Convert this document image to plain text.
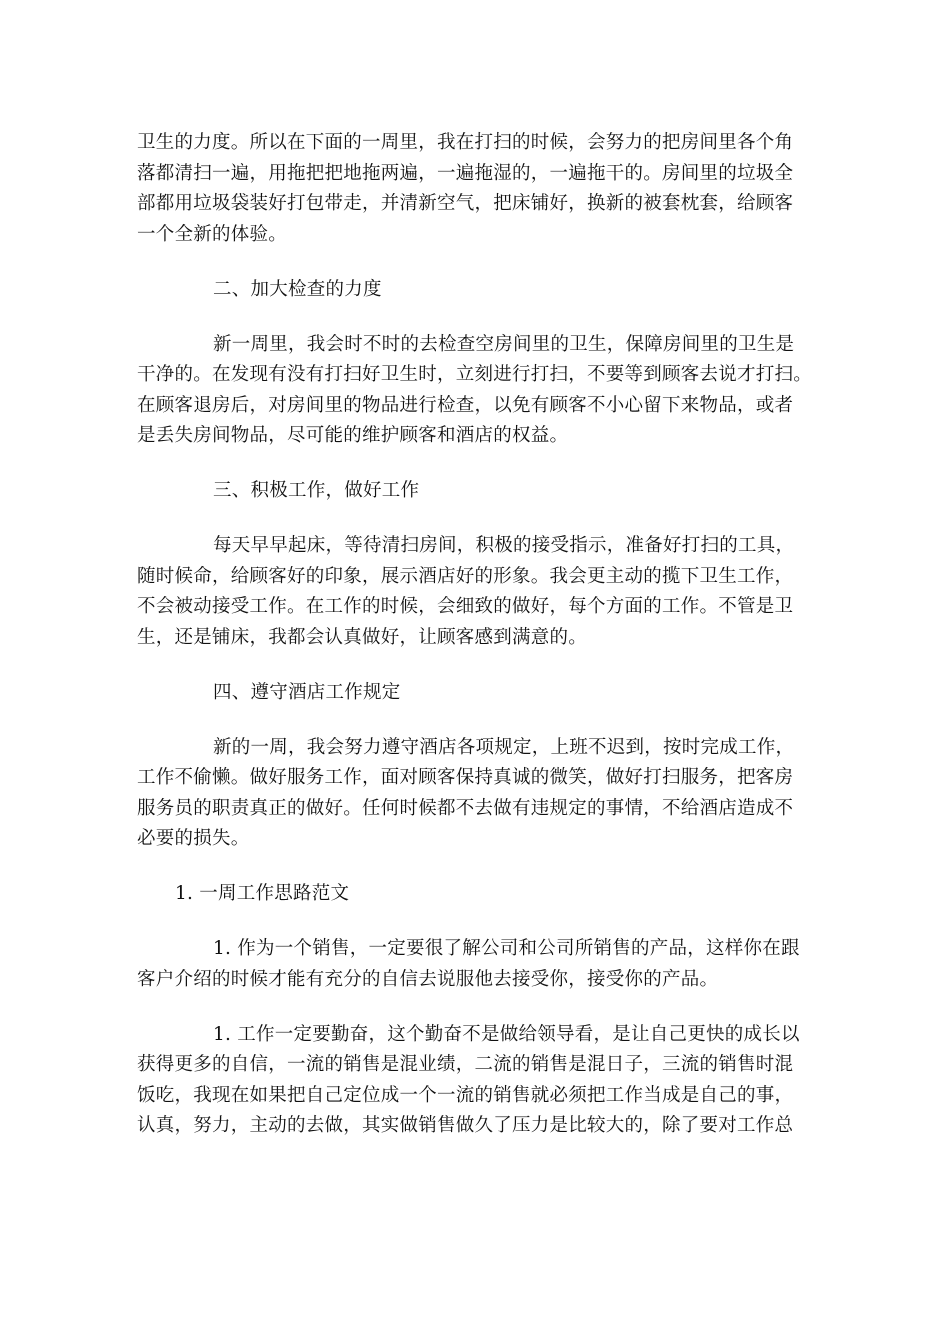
卫生的力度。所以在下面的一周里，我在打扫的时候，会努力的把房间里各个角
落都清扫一遍，用拖把把地拖两遍，一遍拖湿的，一遍拖干的。房间里的垃圾全
部都用垃圾袋装好打包带走，并清新空气，把床铺好，换新的被套枕套，给顾客
一个全新的体验。
二、加大检查的力度
新一周里，我会时不时的去检查空房间里的卫生，保障房间里的卫生是
干净的。在发现有没有打扫好卫生时，立刻进行打扫，不要等到顾客去说才打扫。
在顾客退房后，对房间里的物品进行检查，以免有顾客不小心留下来物品，或者
是丢失房间物品，尽可能的维护顾客和酒店的权益。
三、积极工作，做好工作
每天早早起床，等待清扫房间，积极的接受指示，准备好打扫的工具，
随时候命，给顾客好的印象，展示酒店好的形象。我会更主动的揽下卫生工作，
不会被动接受工作。在工作的时候，会细致的做好，每个方面的工作。不管是卫
生，还是铺床，我都会认真做好，让顾客感到满意的。
四、遵守酒店工作规定
新的一周，我会努力遵守酒店各项规定，上班不迟到，按时完成工作，
工作不偷懒。做好服务工作，面对顾客保持真诚的微笑，做好打扫服务，把客房
服务员的职责真正的做好。任何时候都不去做有违规定的事情，不给酒店造成不
必要的损失。
1. 一周工作思路范文
1. 作为一个销售，一定要很了解公司和公司所销售的产品，这样你在跟
客户介绍的时候才能有充分的自信去说服他去接受你，接受你的产品。
1. 工作一定要勤奋，这个勤奋不是做给领导看，是让自己更快的成长以
获得更多的自信，一流的销售是混业绩，二流的销售是混日子，三流的销售时混
饭吃，我现在如果把自己定位成一个一流的销售就必须把工作当成是自己的事，
认真，努力，主动的去做，其实做销售做久了压力是比较大的，除了要对工作总
